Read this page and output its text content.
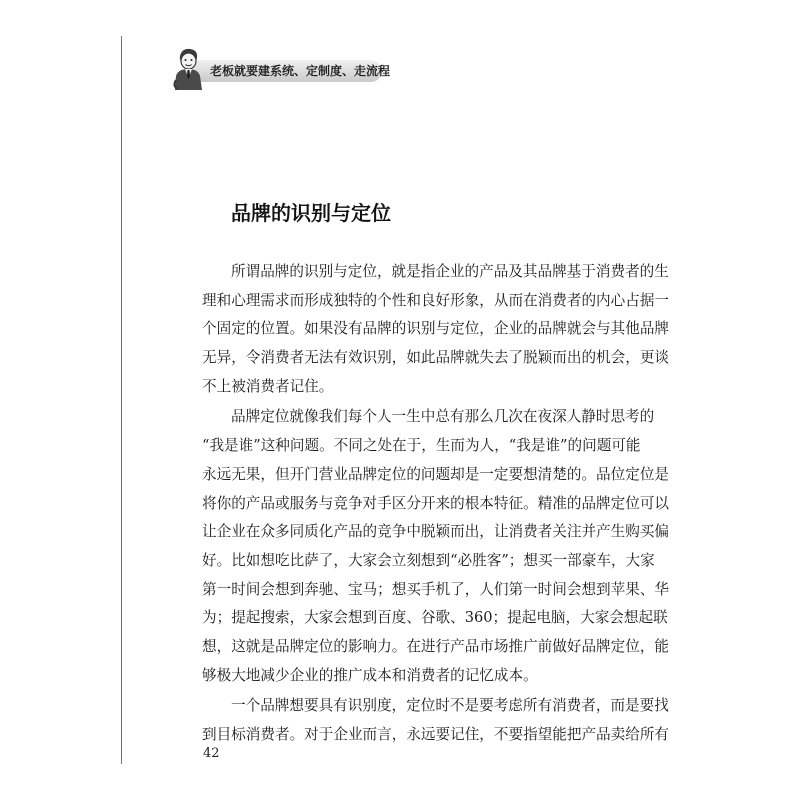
老板就要建系统、定制度、走流程
品牌的识别与定位
所谓品牌的识别与定位，就是指企业的产品及其品牌基于消费者的生
理和心理需求而形成独特的个性和良好形象，从而在消费者的内心占据一
个固定的位置。如果没有品牌的识别与定位，企业的品牌就会与其他品牌
无异，令消费者无法有效识别，如此品牌就失去了脱颖而出的机会，更谈
不上被消费者记住。
品牌定位就像我们每个人一生中总有那么几次在夜深人静时思考的
“我是谁”这种问题。不同之处在于，生而为人，“我是谁”的问题可能
永远无果，但开门营业品牌定位的问题却是一定要想清楚的。品位定位是
将你的产品或服务与竞争对手区分开来的根本特征。精准的品牌定位可以
让企业在众多同质化产品的竞争中脱颖而出，让消费者关注并产生购买偏
好。比如想吃比萨了，大家会立刻想到“必胜客”；想买一部豪车，大家
第一时间会想到奔驰、宝马；想买手机了，人们第一时间会想到苹果、华
为；提起搜索，大家会想到百度、谷歌、360；提起电脑，大家会想起联
想，这就是品牌定位的影响力。在进行产品市场推广前做好品牌定位，能
够极大地减少企业的推广成本和消费者的记忆成本。
一个品牌想要具有识别度，定位时不是要考虑所有消费者，而是要找
到目标消费者。对于企业而言，永远要记住，不要指望能把产品卖给所有
42
